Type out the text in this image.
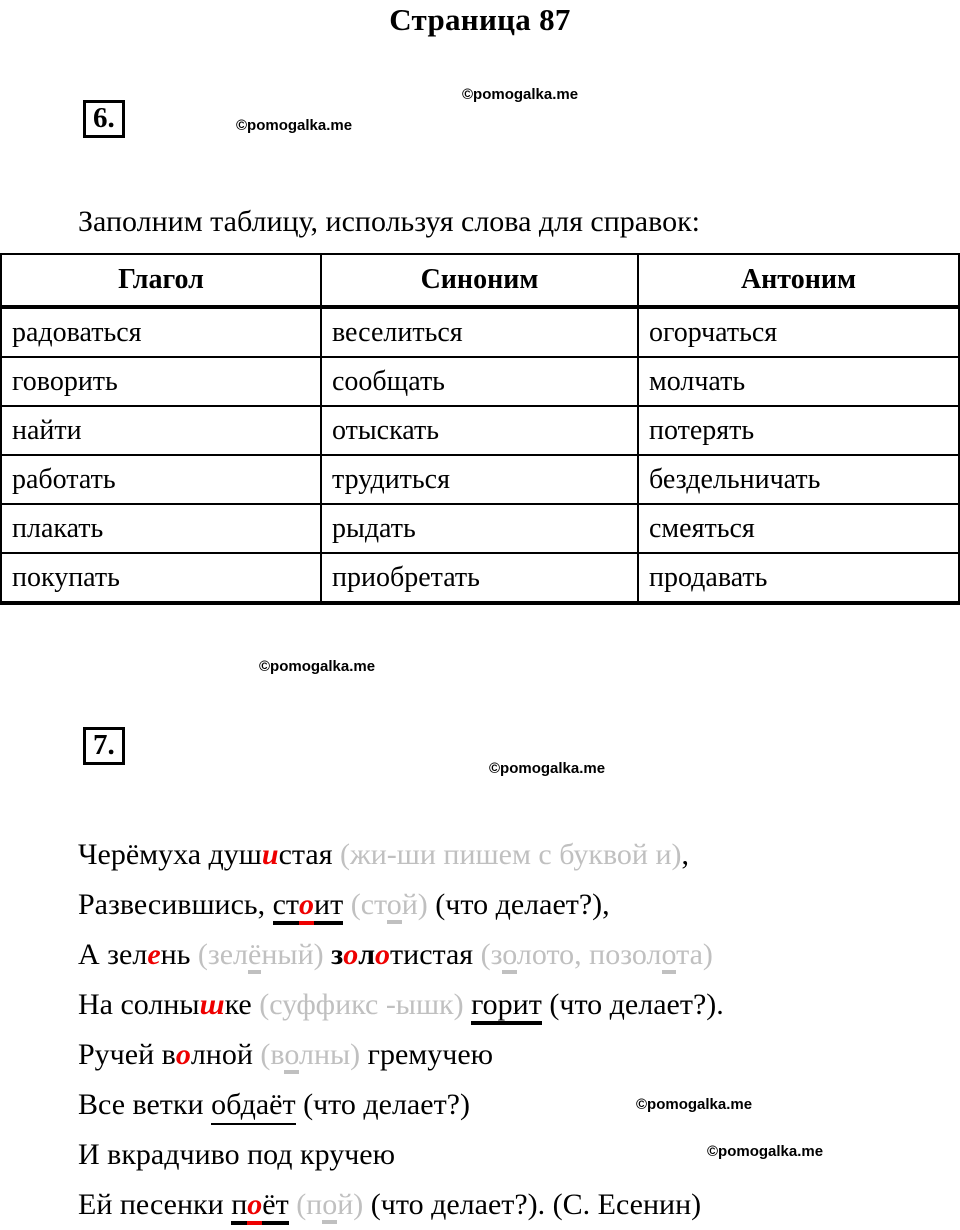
Страница 87
©pomogalka.me
©pomogalka.me
©pomogalka.me
©pomogalka.me
©pomogalka.me
©pomogalka.me
6.
Заполним таблицу, используя слова для справок:
Глагол	Синоним	Антоним
радоваться	веселиться	огорчаться
говорить	сообщать	молчать
найти	отыскать	потерять
работать	трудиться	бездельничать
плакать	рыдать	смеяться
покупать	приобретать	продавать
7.
Черёмуха душистая (жи-ши пишем с буквой и),
Развесившись, стоит (стой) (что делает?),
А зелень (зелёный) золотистая (золото, позолота)
На солнышке (суффикс -ышк) горит (что делает?).
Ручей волной (волны) гремучею
Все ветки обдаёт (что делает?)
И вкрадчиво под кручею
Ей песенки поёт (пой) (что делает?). (С. Есенин)
